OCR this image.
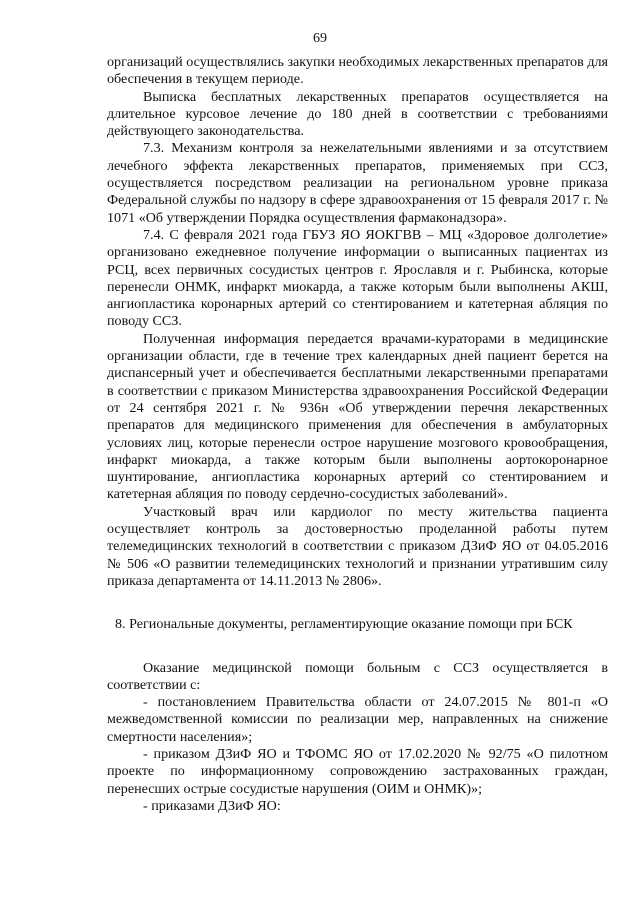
69

организаций осуществлялись закупки необходимых лекарственных препаратов для обеспечения в текущем периоде.

Выписка бесплатных лекарственных препаратов осуществляется на длительное курсовое лечение до 180 дней в соответствии с требованиями действующего законодательства.

7.3. Механизм контроля за нежелательными явлениями и за отсутствием лечебного эффекта лекарственных препаратов, применяемых при ССЗ, осуществляется посредством реализации на региональном уровне приказа Федеральной службы по надзору в сфере здравоохранения от 15 февраля 2017 г. № 1071 «Об утверждении Порядка осуществления фармаконадзора».

7.4. С февраля 2021 года ГБУЗ ЯО ЯОКГВВ – МЦ «Здоровое долголетие» организовано ежедневное получение информации о выписанных пациентах из РСЦ, всех первичных сосудистых центров г. Ярославля и г. Рыбинска, которые перенесли ОНМК, инфаркт миокарда, а также которым были выполнены АКШ, ангиопластика коронарных артерий со стентированием и катетерная абляция по поводу ССЗ.

Полученная информация передается врачами-кураторами в медицинские организации области, где в течение трех календарных дней пациент берется на диспансерный учет и обеспечивается бесплатными лекарственными препаратами в соответствии с приказом Министерства здравоохранения Российской Федерации от 24 сентября 2021 г. № 936н «Об утверждении перечня лекарственных препаратов для медицинского применения для обеспечения в амбулаторных условиях лиц, которые перенесли острое нарушение мозгового кровообращения, инфаркт миокарда, а также которым были выполнены аортокоронарное шунтирование, ангиопластика коронарных артерий со стентированием и катетерная абляция по поводу сердечно-сосудистых заболеваний».

Участковый врач или кардиолог по месту жительства пациента осуществляет контроль за достоверностью проделанной работы путем телемедицинских технологий в соответствии с приказом ДЗиФ ЯО от 04.05.2016 № 506 «О развитии телемедицинских технологий и признании утратившим силу приказа департамента от 14.11.2013 № 2806».

8. Региональные документы, регламентирующие оказание помощи при БСК

Оказание медицинской помощи больным с ССЗ осуществляется в соответствии с:

- постановлением Правительства области от 24.07.2015 № 801-п «О межведомственной комиссии по реализации мер, направленных на снижение смертности населения»;

- приказом ДЗиФ ЯО и ТФОМС ЯО от 17.02.2020 № 92/75 «О пилотном проекте по информационному сопровождению застрахованных граждан, перенесших острые сосудистые нарушения (ОИМ и ОНМК)»;

- приказами ДЗиФ ЯО:
